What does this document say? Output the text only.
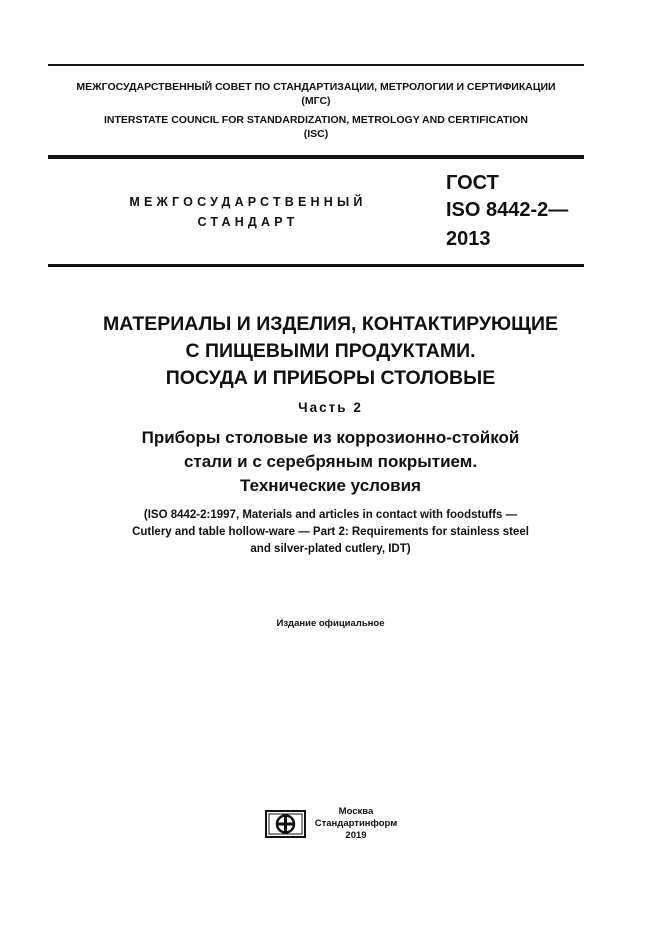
МЕЖГОСУДАРСТВЕННЫЙ СОВЕТ ПО СТАНДАРТИЗАЦИИ, МЕТРОЛОГИИ И СЕРТИФИКАЦИИ
(МГС)
INTERSTATE COUNCIL FOR STANDARDIZATION, METROLOGY AND CERTIFICATION
(ISC)
МЕЖГОСУДАРСТВЕННЫЙ
СТАНДАРТ
ГОСТ
ISO 8442-2—
2013
МАТЕРИАЛЫ И ИЗДЕЛИЯ, КОНТАКТИРУЮЩИЕ
С ПИЩЕВЫМИ ПРОДУКТАМИ.
ПОСУДА И ПРИБОРЫ СТОЛОВЫЕ
Часть 2
Приборы столовые из коррозионно-стойкой
стали и с серебряным покрытием.
Технические условия
(ISO 8442-2:1997, Materials and articles in contact with foodstuffs —
Cutlery and table hollow-ware — Part 2: Requirements for stainless steel
and silver-plated cutlery, IDT)
Издание официальное
Москва
Стандартинформ
2019
